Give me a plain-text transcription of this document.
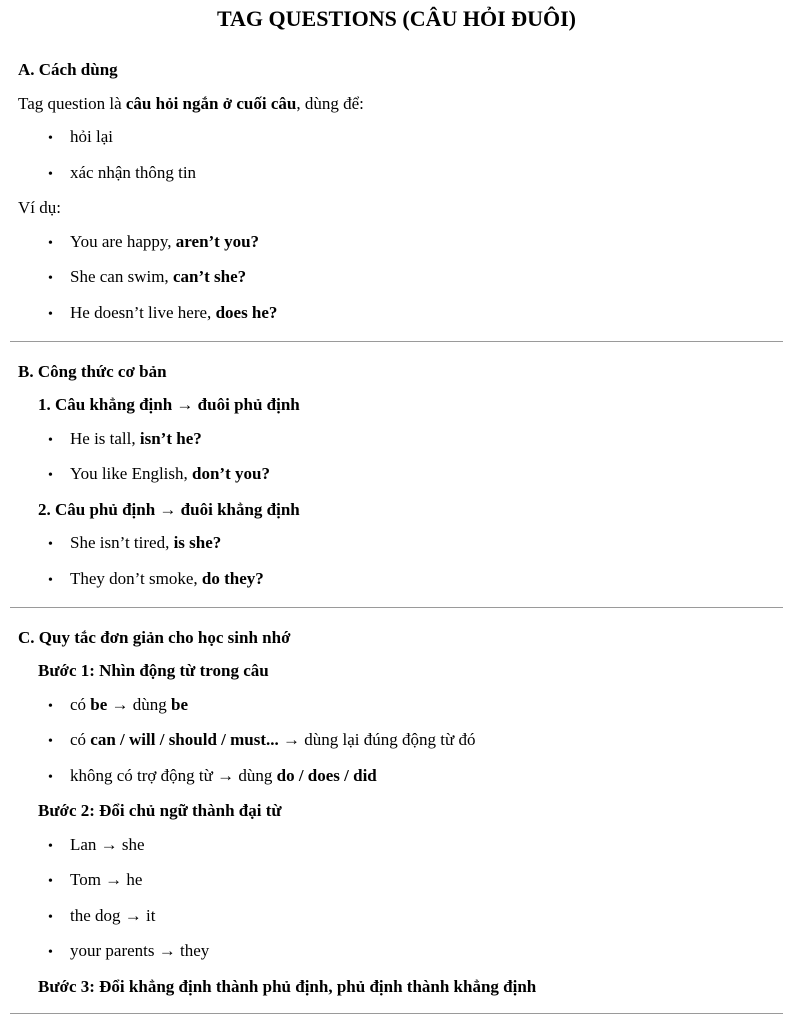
TAG QUESTIONS (CÂU HỎI ĐUÔI)
A. Cách dùng
Tag question là câu hỏi ngắn ở cuối câu, dùng để:
•	hỏi lại
•	xác nhận thông tin
Ví dụ:
•	You are happy, aren’t you?
•	She can swim, can’t she?
•	He doesn’t live here, does he?
B. Công thức cơ bản
1. Câu khẳng định → đuôi phủ định
•	He is tall, isn’t he?
•	You like English, don’t you?
2. Câu phủ định → đuôi khẳng định
•	She isn’t tired, is she?
•	They don’t smoke, do they?
C. Quy tắc đơn giản cho học sinh nhớ
Bước 1: Nhìn động từ trong câu
•	có be → dùng be
•	có can / will / should / must... → dùng lại đúng động từ đó
•	không có trợ động từ → dùng do / does / did
Bước 2: Đổi chủ ngữ thành đại từ
•	Lan → she
•	Tom → he
•	the dog → it
•	your parents → they
Bước 3: Đổi khẳng định thành phủ định, phủ định thành khẳng định
